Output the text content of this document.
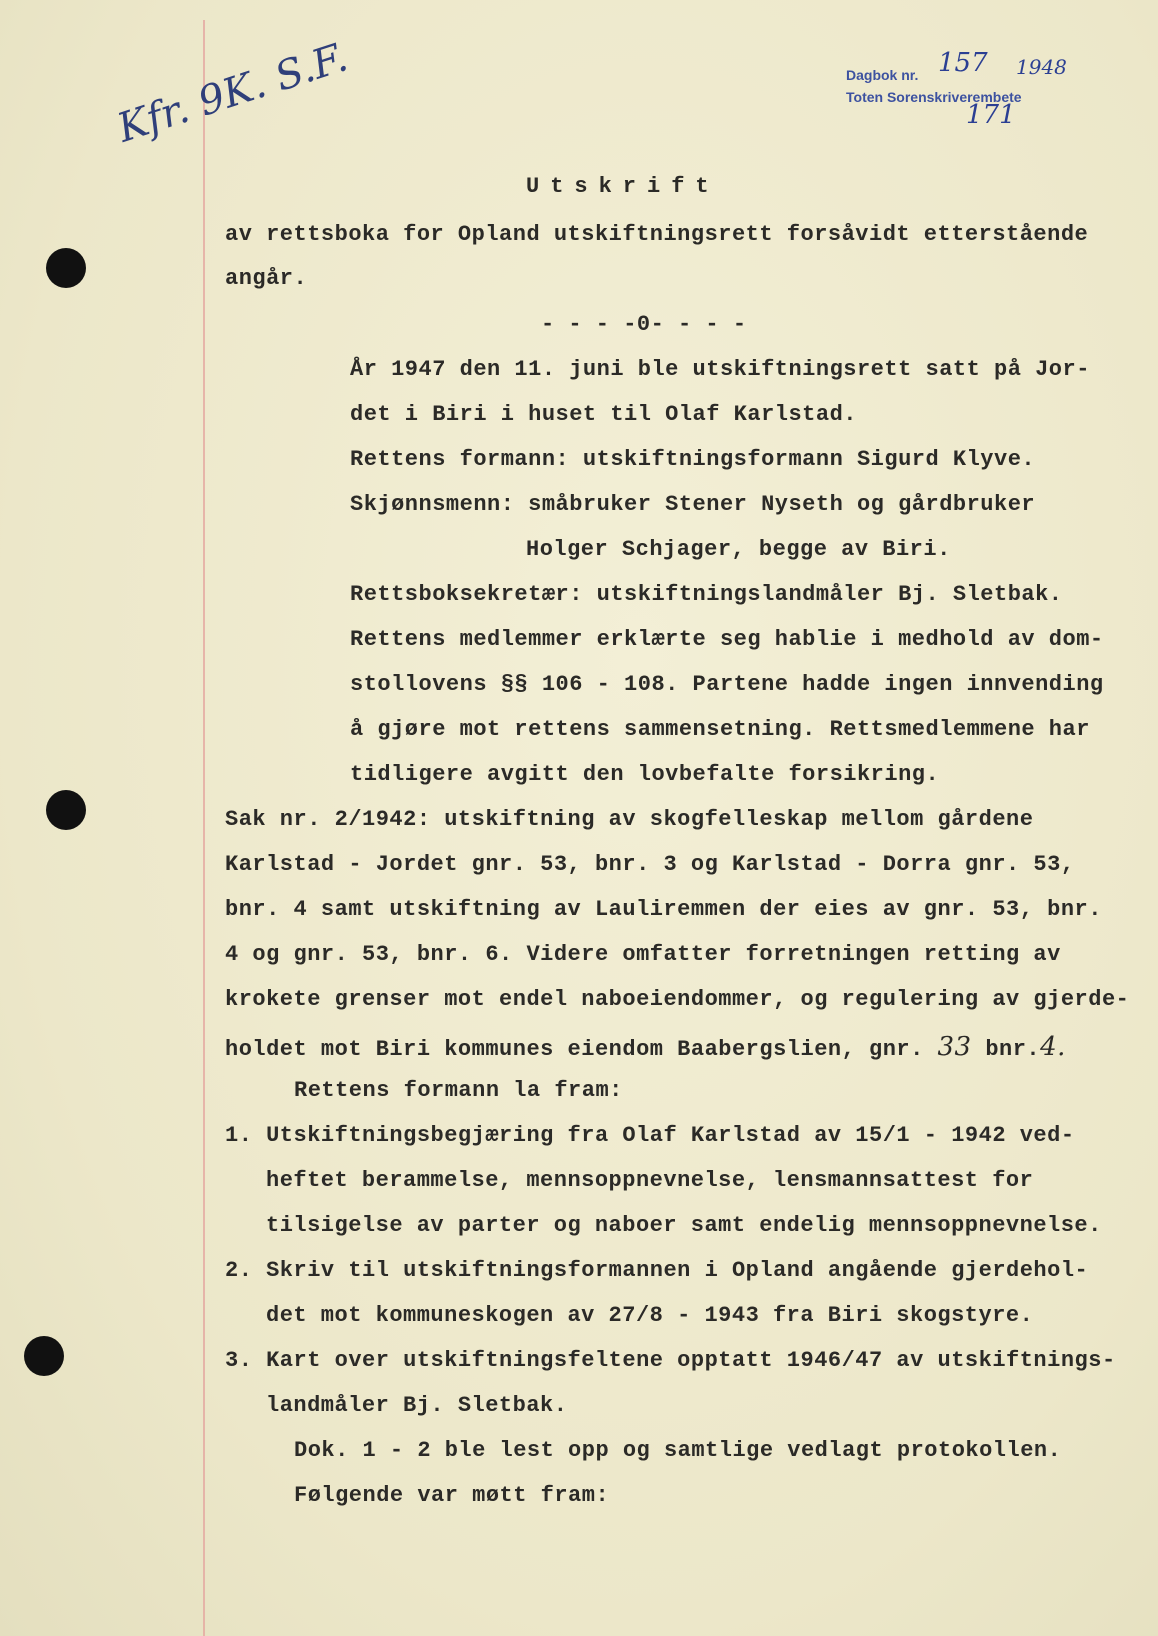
Dagbok nr. 157 1948
Toten Sorenskriverembete
171
Kfr. 9K. S.F.
Utskrift
av rettsboka for Opland utskiftningsrett forsåvidt etterstående
angår.
- - - -0- - - -
År 1947 den 11. juni ble utskiftningsrett satt på Jor-
det i Biri i huset til Olaf Karlstad.
Rettens formann: utskiftningsformann Sigurd Klyve.
Skjønnsmenn: småbruker Stener Nyseth og gårdbruker
Holger Schjager, begge av Biri.
Rettsboksekretær: utskiftningslandmåler Bj. Sletbak.
Rettens medlemmer erklærte seg hablie i medhold av dom-
stollovens §§ 106 - 108. Partene hadde ingen innvending
å gjøre mot rettens sammensetning. Rettsmedlemmene har
tidligere avgitt den lovbefalte forsikring.
Sak nr. 2/1942: utskiftning av skogfelleskap mellom gårdene
Karlstad - Jordet gnr. 53, bnr. 3 og Karlstad - Dorra gnr. 53,
bnr. 4 samt utskiftning av Lauliremmen der eies av gnr. 53, bnr.
4 og gnr. 53, bnr. 6. Videre omfatter forretningen retting av
krokete grenser mot endel naboeiendommer, og regulering av gjerde-
holdet mot Biri kommunes eiendom Baabergslien, gnr. 33 bnr.4.
Rettens formann la fram:
1. Utskiftningsbegjæring fra Olaf Karlstad av 15/1 - 1942 ved-
heftet berammelse, mennsoppnevnelse, lensmannsattest for
tilsigelse av parter og naboer samt endelig mennsoppnevnelse.
2. Skriv til utskiftningsformannen i Opland angående gjerdehol-
det mot kommuneskogen av 27/8 - 1943 fra Biri skogstyre.
3. Kart over utskiftningsfeltene opptatt 1946/47 av utskiftnings-
landmåler Bj. Sletbak.
Dok. 1 - 2 ble lest opp og samtlige vedlagt protokollen.
Følgende var møtt fram:
